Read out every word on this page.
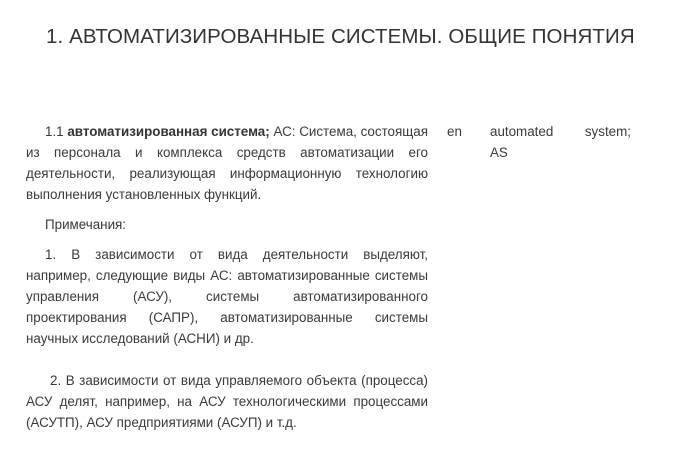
1. АВТОМАТИЗИРОВАННЫЕ СИСТЕМЫ. ОБЩИЕ ПОНЯТИЯ

1.1 автоматизированная система; АС: Система, состоящая из персонала и комплекса средств автоматизации его деятельности, реализующая информационную технологию выполнения установленных функций.

Примечания:

1. В зависимости от вида деятельности выделяют, например, следующие виды АС: автоматизированные системы управления (АСУ), системы автоматизированного проектирования (САПР), автоматизированные системы научных исследований (АСНИ) и др.

2. В зависимости от вида управляемого объекта (процесса) АСУ делят, например, на АСУ технологическими процессами (АСУТП), АСУ предприятиями (АСУП) и т.д.

en automated system;
AS
